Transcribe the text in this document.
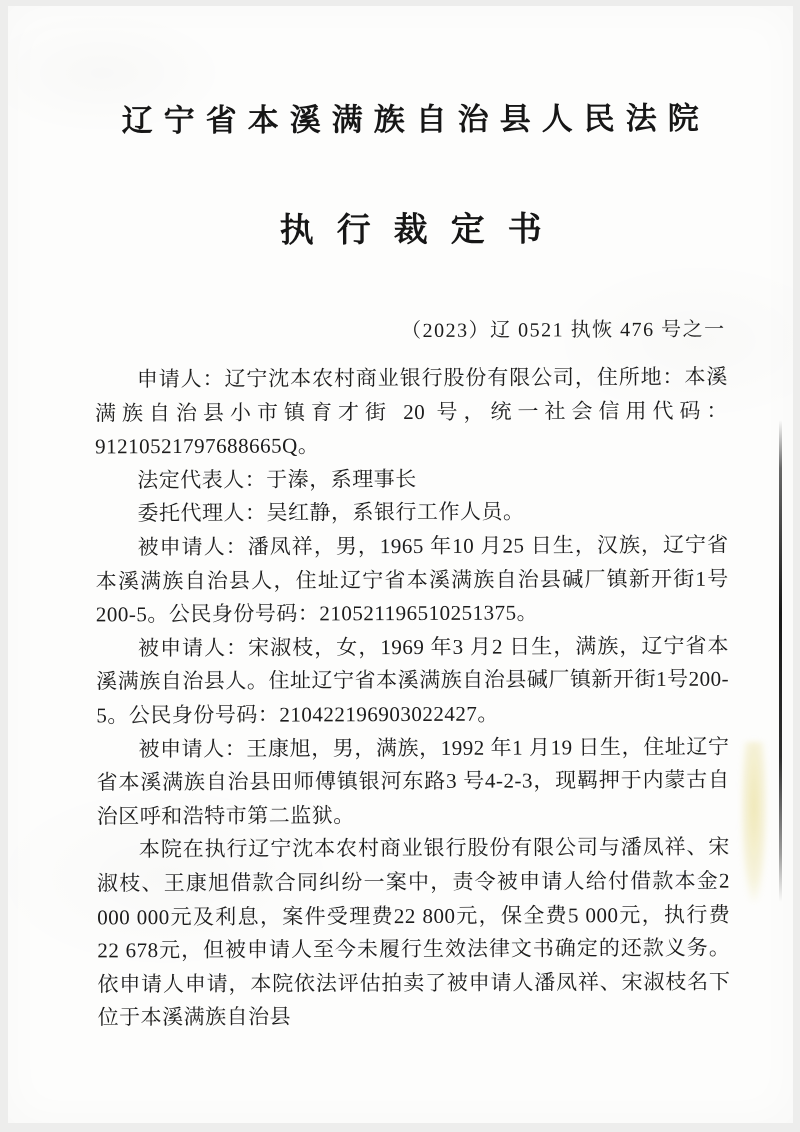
辽宁省本溪满族自治县人民法院
执行裁定书
（2023）辽 0521 执恢 476 号之一

申请人：辽宁沈本农村商业银行股份有限公司，住所地：本溪满族自治县小市镇育才街 20 号，统一社会信用代码：91210521797688665Q。

法定代表人：于溱，系理事长

委托代理人：吴红静，系银行工作人员。

被申请人：潘凤祥，男，1965 年10 月25 日生，汉族，辽宁省本溪满族自治县人，住址辽宁省本溪满族自治县碱厂镇新开街1号200-5。公民身份号码：210521196510251375。

被申请人：宋淑枝，女，1969 年3 月2 日生，满族，辽宁省本溪满族自治县人。住址辽宁省本溪满族自治县碱厂镇新开街1号200-5。公民身份号码：210422196903022427。

被申请人：王康旭，男，满族，1992 年1 月19 日生，住址辽宁省本溪满族自治县田师傅镇银河东路3 号4-2-3，现羁押于内蒙古自治区呼和浩特市第二监狱。

本院在执行辽宁沈本农村商业银行股份有限公司与潘凤祥、宋淑枝、王康旭借款合同纠纷一案中，责令被申请人给付借款本金2 000 000元及利息，案件受理费22 800元，保全费5 000元，执行费22 678元，但被申请人至今未履行生效法律文书确定的还款义务。依申请人申请，本院依法评估拍卖了被申请人潘凤祥、宋淑枝名下位于本溪满族自治县
